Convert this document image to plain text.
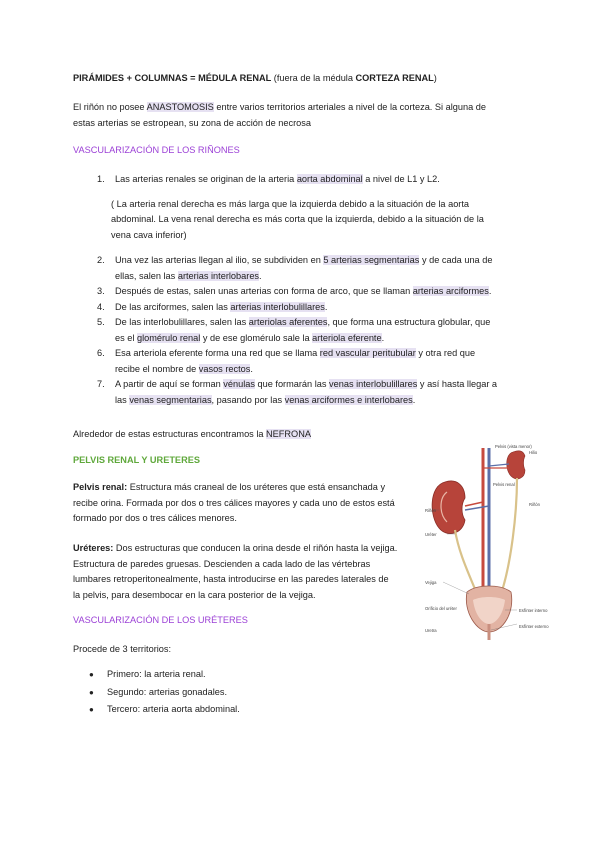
PIRÁMIDES + COLUMNAS = MÉDULA RENAL (fuera de la médula CORTEZA RENAL)

El riñón no posee ANASTOMOSIS entre varios territorios arteriales a nivel de la corteza. Si alguna de

estas arterias se estropean, su zona de acción de necrosa

VASCULARIZACIÓN DE LOS RIÑONES

1. Las arterias renales se originan de la arteria aorta abdominal a nivel de L1 y L2.

( La arteria renal derecha es más larga que la izquierda debido a la situación de la aorta

abdominal. La vena renal derecha es más corta que la izquierda, debido a la situación de la

vena cava inferior)

2. Una vez las arterias llegan al ilio, se subdividen en 5 arterias segmentarias y de cada una de

ellas, salen las arterias interlobares.

3. Después de estas, salen unas arterias con forma de arco, que se llaman arterias arciformes.

4. De las arciformes, salen las arterias interlobulillares.

5. De las interlobulillares, salen las arteriolas aferentes, que forma una estructura globular, que

es el glomérulo renal y de ese glomérulo sale la arteriola eferente.

6. Esa arteriola eferente forma una red que se llama red vascular peritubular y otra red que

recibe el nombre de vasos rectos.

7. A partir de aquí se forman vénulas que formarán las venas interlobulillares y así hasta llegar a

las venas segmentarias, pasando por las venas arciformes e interlobares.

Alrededor de estas estructuras encontramos la NEFRONA

PELVIS RENAL Y URETERES

Pelvis renal: Estructura más craneal de los uréteres que está ensanchada y

recibe orina. Formada por dos o tres cálices mayores y cada uno de estos está

formado por dos o tres cálices menores.

Uréteres: Dos estructuras que conducen la orina desde el riñón hasta la vejiga.

Estructura de paredes gruesas. Descienden a cada lado de las vértebras

lumbares retroperitonealmente, hasta introducirse en las paredes laterales de

la pelvis, para desembocar en la cara posterior de la vejiga.

VASCULARIZACIÓN DE LOS URÉTERES

Procede de 3 territorios:

● Primero: la arteria renal.
● Segundo: arterias gonadales.
● Tercero: arteria aorta abdominal.
Riñón
Uréter
Vejiga
Orificio del uréter
Uretra
Esfínter interno
Esfínter externo
Riñón
Pelvis renal
Hilio
Pelvis (vista menor)
